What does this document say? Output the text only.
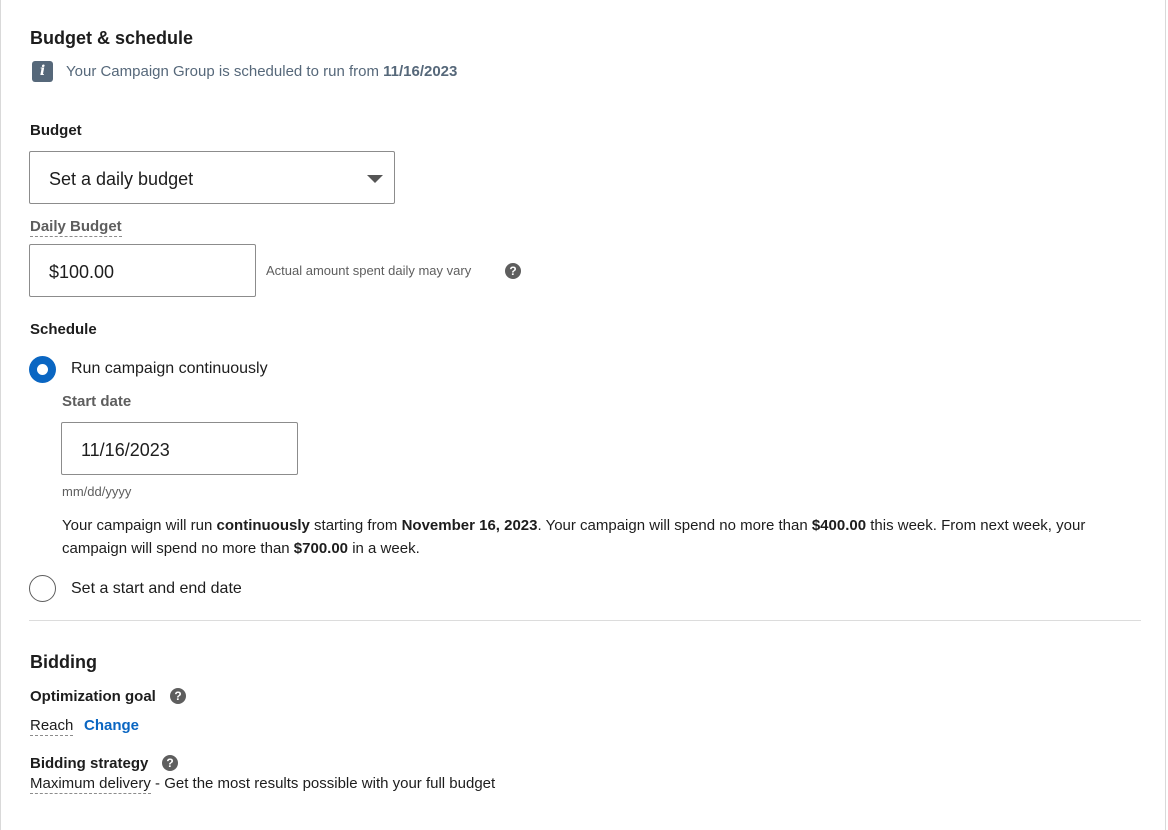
Budget & schedule
i	Your Campaign Group is scheduled to run from 11/16/2023
Budget
Set a daily budget
Daily Budget
$100.00	Actual amount spent daily may vary	?
Schedule
Run campaign continuously
Start date
11/16/2023
mm/dd/yyyy
Your campaign will run continuously starting from November 16, 2023. Your campaign will spend no more than $400.00 this week. From next week, your campaign will spend no more than $700.00 in a week.
Set a start and end date
Bidding
Optimization goal	?
Reach Change
Bidding strategy	?
Maximum delivery - Get the most results possible with your full budget
